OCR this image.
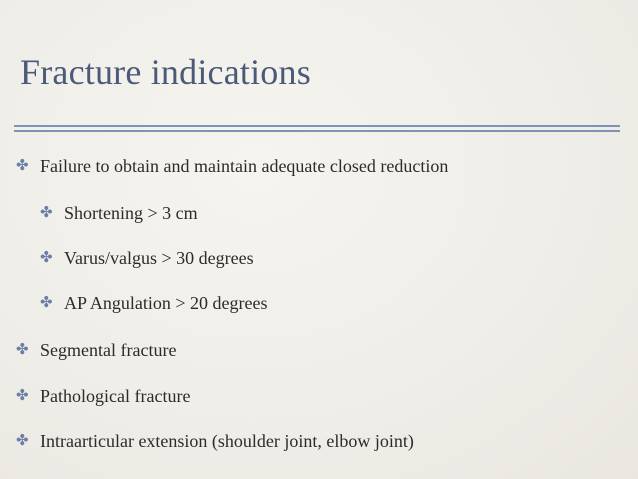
Fracture indications
✤ Failure to obtain and maintain adequate closed reduction
✤ Shortening > 3 cm
✤ Varus/valgus > 30 degrees
✤ AP Angulation > 20 degrees
✤ Segmental fracture
✤ Pathological fracture
✤ Intraarticular extension (shoulder joint, elbow joint)
